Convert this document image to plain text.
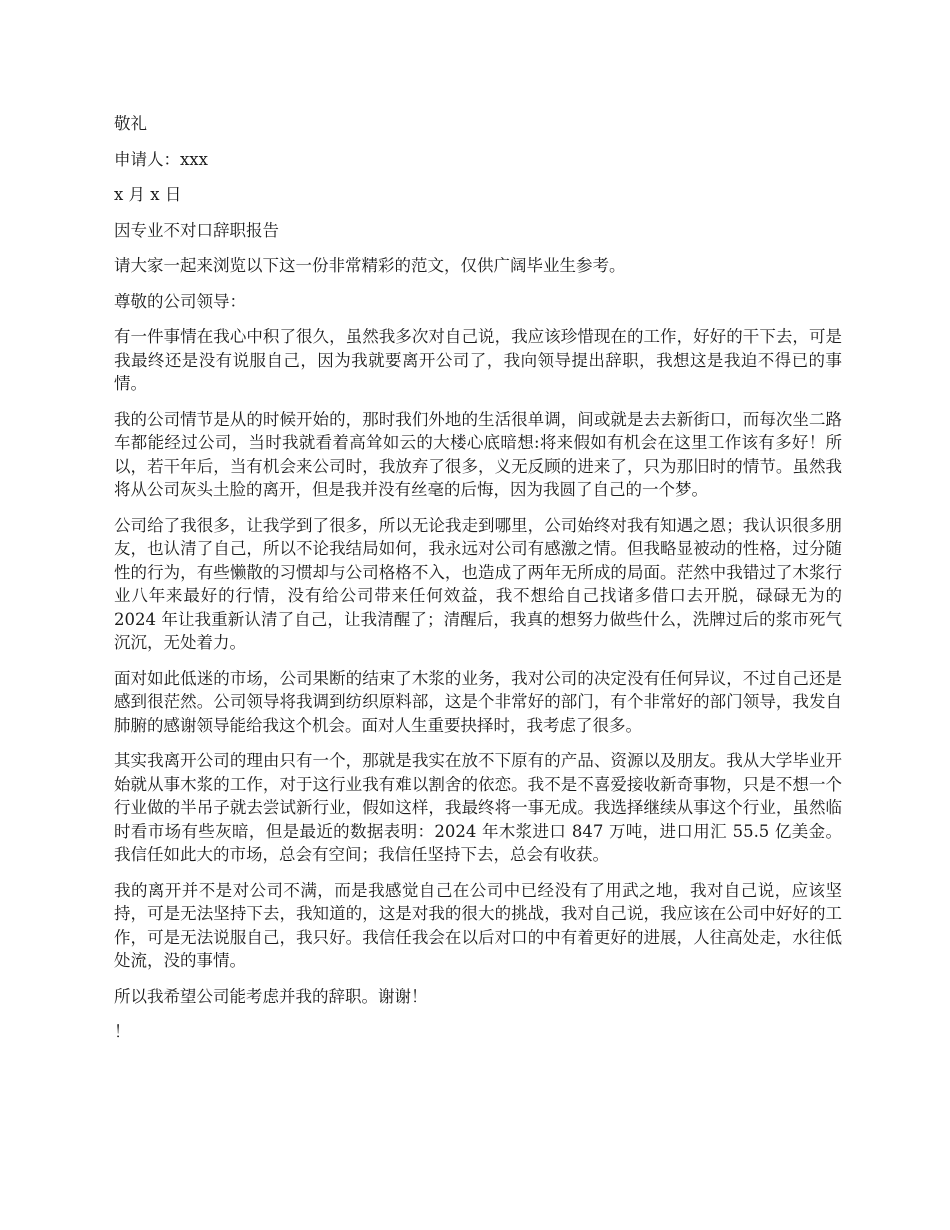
敬礼

申请人：xxx

x 月 x 日

因专业不对口辞职报告

请大家一起来浏览以下这一份非常精彩的范文，仅供广阔毕业生参考。

尊敬的公司领导：

有一件事情在我心中积了很久，虽然我多次对自己说，我应该珍惜现在的工作，好好的干下去，可是我最终还是没有说服自己，因为我就要离开公司了，我向领导提出辞职，我想这是我迫不得已的事情。

我的公司情节是从的时候开始的，那时我们外地的生活很单调，间或就是去去新街口，而每次坐二路车都能经过公司，当时我就看着高耸如云的大楼心底暗想:将来假如有机会在这里工作该有多好！所以，若干年后，当有机会来公司时，我放弃了很多，义无反顾的进来了，只为那旧时的情节。虽然我将从公司灰头土脸的离开，但是我并没有丝毫的后悔，因为我圆了自己的一个梦。

公司给了我很多，让我学到了很多，所以无论我走到哪里，公司始终对我有知遇之恩；我认识很多朋友，也认清了自己，所以不论我结局如何，我永远对公司有感激之情。但我略显被动的性格，过分随性的行为，有些懒散的习惯却与公司格格不入，也造成了两年无所成的局面。茫然中我错过了木浆行业八年来最好的行情，没有给公司带来任何效益，我不想给自己找诸多借口去开脱，碌碌无为的 2024 年让我重新认清了自己，让我清醒了；清醒后，我真的想努力做些什么，洗牌过后的浆市死气沉沉，无处着力。

面对如此低迷的市场，公司果断的结束了木浆的业务，我对公司的决定没有任何异议，不过自己还是感到很茫然。公司领导将我调到纺织原料部，这是个非常好的部门，有个非常好的部门领导，我发自肺腑的感谢领导能给我这个机会。面对人生重要抉择时，我考虑了很多。

其实我离开公司的理由只有一个，那就是我实在放不下原有的产品、资源以及朋友。我从大学毕业开始就从事木浆的工作，对于这行业我有难以割舍的依恋。我不是不喜爱接收新奇事物，只是不想一个行业做的半吊子就去尝试新行业，假如这样，我最终将一事无成。我选择继续从事这个行业，虽然临时看市场有些灰暗，但是最近的数据表明：2024 年木浆进口 847 万吨，进口用汇 55.5 亿美金。我信任如此大的市场，总会有空间；我信任坚持下去，总会有收获。

我的离开并不是对公司不满，而是我感觉自己在公司中已经没有了用武之地，我对自己说，应该坚持，可是无法坚持下去，我知道的，这是对我的很大的挑战，我对自己说，我应该在公司中好好的工作，可是无法说服自己，我只好。我信任我会在以后对口的中有着更好的进展，人往高处走，水往低处流，没的事情。

所以我希望公司能考虑并我的辞职。谢谢！

！
